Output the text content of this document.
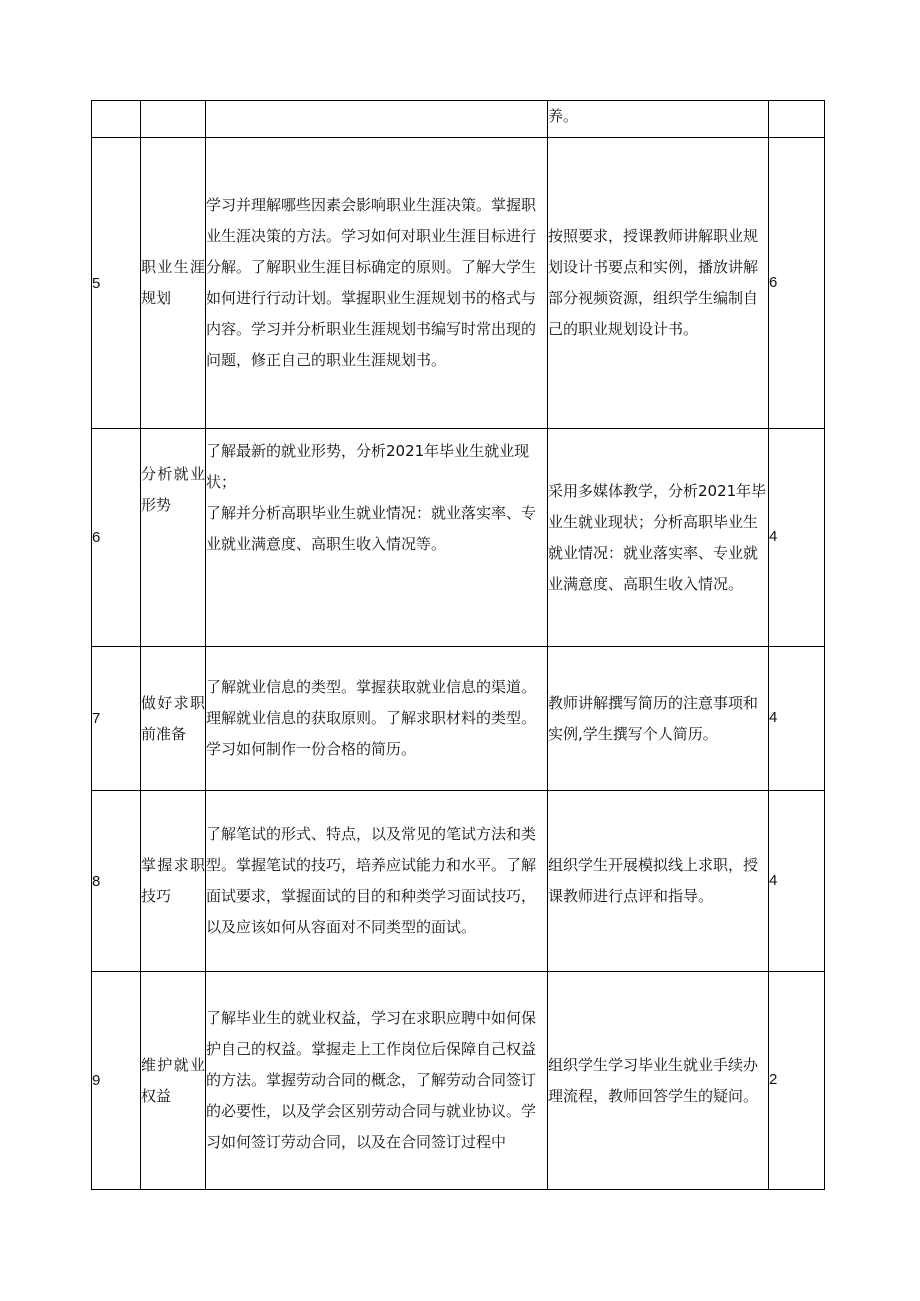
			养。	

5	职业生涯规划	学习并理解哪些因素会影响职业生涯决策。掌握职业生涯决策的方法。学习如何对职业生涯目标进行分解。了解职业生涯目标确定的原则。了解大学生如何进行行动计划。掌握职业生涯规划书的格式与内容。学习并分析职业生涯规划书编写时常出现的问题，修正自己的职业生涯规划书。	按照要求，授课教师讲解职业规划设计书要点和实例，播放讲解部分视频资源，组织学生编制自己的职业规划设计书。	6

6	分析就业形势	了解最新的就业形势，分析2021年毕业生就业现状；
了解并分析高职毕业生就业情况：就业落实率、专业就业满意度、高职生收入情况等。	采用多媒体教学，分析2021年毕业生就业现状；分析高职毕业生就业情况：就业落实率、专业就业满意度、高职生收入情况。	4

7	做好求职前准备	了解就业信息的类型。掌握获取就业信息的渠道。理解就业信息的获取原则。了解求职材料的类型。学习如何制作一份合格的简历。	教师讲解撰写简历的注意事项和实例,学生撰写个人简历。	4

8	掌握求职技巧	了解笔试的形式、特点，以及常见的笔试方法和类型。掌握笔试的技巧，培养应试能力和水平。了解面试要求，掌握面试的目的和种类学习面试技巧，以及应该如何从容面对不同类型的面试。	组织学生开展模拟线上求职，授课教师进行点评和指导。	4

9	维护就业权益	了解毕业生的就业权益，学习在求职应聘中如何保护自己的权益。掌握走上工作岗位后保障自己权益的方法。掌握劳动合同的概念，了解劳动合同签订的必要性，以及学会区别劳动合同与就业协议。学习如何签订劳动合同，以及在合同签订过程中	组织学生学习毕业生就业手续办理流程，教师回答学生的疑问。	2
